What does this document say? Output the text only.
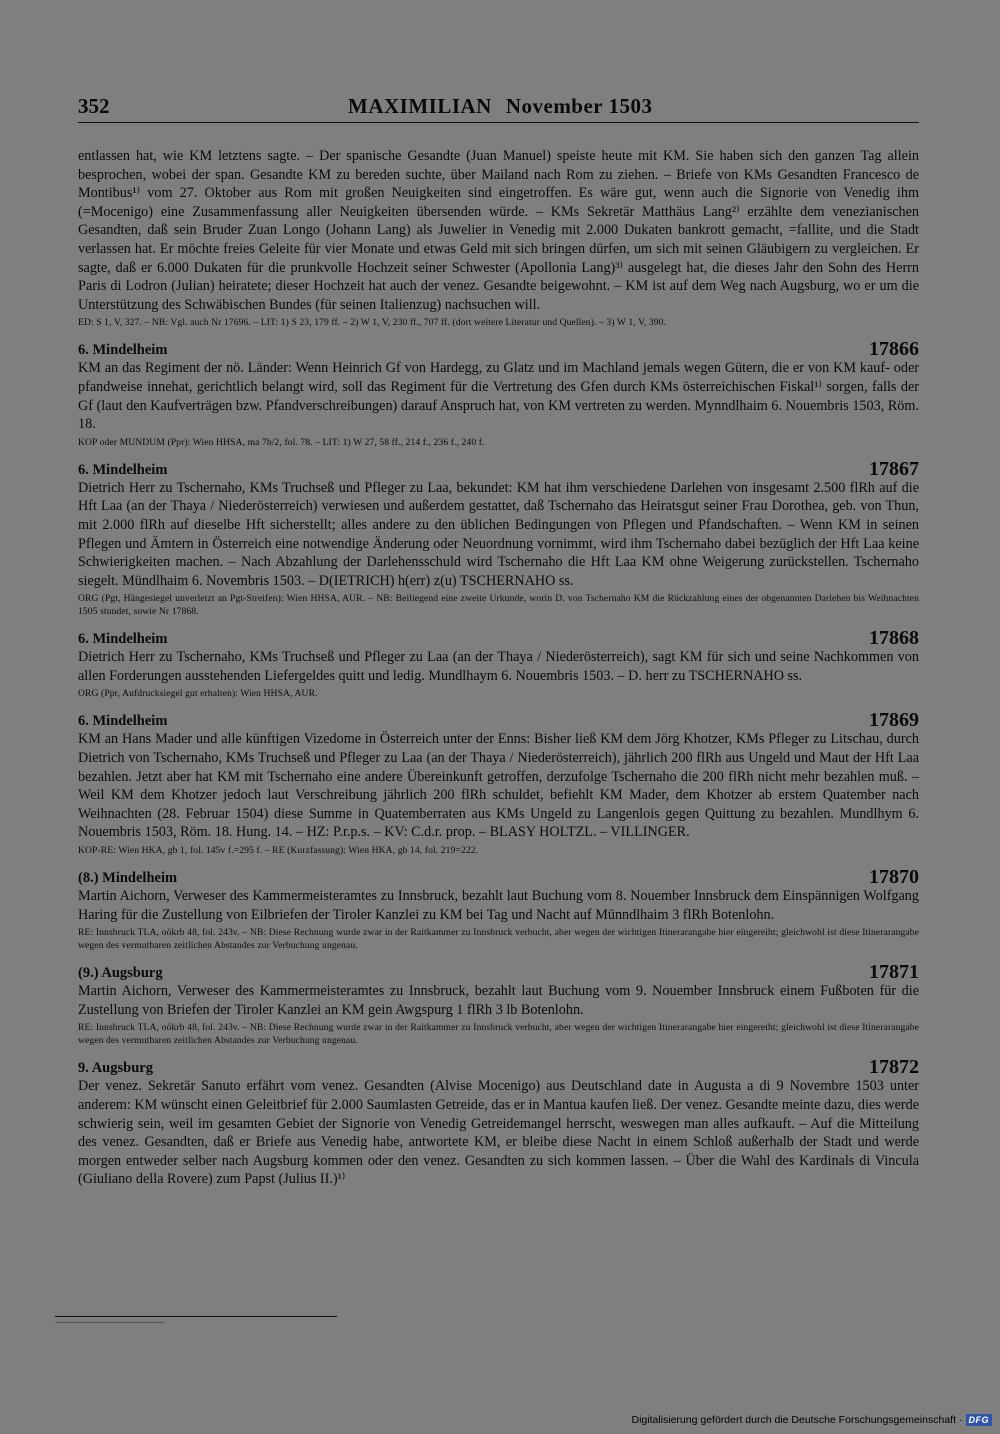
352	MAXIMILIAN November 1503

entlassen hat, wie KM letztens sagte. – Der spanische Gesandte (Juan Manuel) speiste heute mit KM. Sie haben sich den ganzen Tag allein besprochen, wobei der span. Gesandte KM zu bereden suchte, über Mailand nach Rom zu ziehen. – Briefe von KMs Gesandten Francesco de Montibus¹⁾ vom 27. Oktober aus Rom mit großen Neuigkeiten sind eingetroffen. Es wäre gut, wenn auch die Signorie von Venedig ihm (=Mocenigo) eine Zusammenfassung aller Neuigkeiten übersenden würde. – KMs Sekretär Matthäus Lang²⁾ erzählte dem venezianischen Gesandten, daß sein Bruder Zuan Longo (Johann Lang) als Juwelier in Venedig mit 2.000 Dukaten bankrott gemacht, =fallite, und die Stadt verlassen hat. Er möchte freies Geleite für vier Monate und etwas Geld mit sich bringen dürfen, um sich mit seinen Gläubigern zu vergleichen. Er sagte, daß er 6.000 Dukaten für die prunkvolle Hochzeit seiner Schwester (Apollonia Lang)³⁾ ausgelegt hat, die dieses Jahr den Sohn des Herrn Paris di Lodron (Julian) heiratete; dieser Hochzeit hat auch der venez. Gesandte beigewohnt. – KM ist auf dem Weg nach Augsburg, wo er um die Unterstützung des Schwäbischen Bundes (für seinen Italienzug) nachsuchen will.

ED: S 1, V, 327. – NB: Vgl. auch Nr 17696. – LIT: 1) S 23, 179 ff. – 2) W 1, V, 230 ff., 707 ff. (dort weitere Literatur und Quellen). – 3) W 1, V, 390.

6. Mindelheim	17866

KM an das Regiment der nö. Länder: Wenn Heinrich Gf von Hardegg, zu Glatz und im Machland jemals wegen Gütern, die er von KM kauf- oder pfandweise innehat, gerichtlich belangt wird, soll das Regiment für die Vertretung des Gfen durch KMs österreichischen Fiskal¹⁾ sorgen, falls der Gf (laut den Kaufverträgen bzw. Pfandverschreibungen) darauf Anspruch hat, von KM vertreten zu werden. Mynndlhaim 6. Nouembris 1503, Röm. 18.

KOP oder MUNDUM (Ppr): Wien HHSA, ma 7b/2, fol. 78. – LIT: 1) W 27, 58 ff., 214 f., 236 f., 240 f.

6. Mindelheim	17867

Dietrich Herr zu Tschernaho, KMs Truchseß und Pfleger zu Laa, bekundet: KM hat ihm verschiedene Darlehen von insgesamt 2.500 flRh auf die Hft Laa (an der Thaya / Niederösterreich) verwiesen und außerdem gestattet, daß Tschernaho das Heiratsgut seiner Frau Dorothea, geb. von Thun, mit 2.000 flRh auf dieselbe Hft sicherstellt; alles andere zu den üblichen Bedingungen von Pflegen und Pfandschaften. – Wenn KM in seinen Pflegen und Ämtern in Österreich eine notwendige Änderung oder Neuordnung vornimmt, wird ihm Tschernaho dabei bezüglich der Hft Laa keine Schwierigkeiten machen. – Nach Abzahlung der Darlehensschuld wird Tschernaho die Hft Laa KM ohne Weigerung zurückstellen. Tschernaho siegelt. Mündlhaim 6. Novembris 1503. – D(IETRICH) h(err) z(u) TSCHERNAHO ss.

ORG (Pgt, Hängesiegel unverletzt an Pgt-Streifen): Wien HHSA, AUR. – NB: Beiliegend eine zweite Urkunde, worin D. von Tschernaho KM die Rückzahlung eines der obgenannten Darlehen bis Weihnachten 1505 stundet, sowie Nr 17868.

6. Mindelheim	17868

Dietrich Herr zu Tschernaho, KMs Truchseß und Pfleger zu Laa (an der Thaya / Niederösterreich), sagt KM für sich und seine Nachkommen von allen Forderungen ausstehenden Liefergeldes quitt und ledig. Mundlhaym 6. Nouembris 1503. – D. herr zu TSCHERNAHO ss.

ORG (Ppr, Aufdrucksiegel gut erhalten): Wien HHSA, AUR.

6. Mindelheim	17869

KM an Hans Mader und alle künftigen Vizedome in Österreich unter der Enns: Bisher ließ KM dem Jörg Khotzer, KMs Pfleger zu Litschau, durch Dietrich von Tschernaho, KMs Truchseß und Pfleger zu Laa (an der Thaya / Niederösterreich), jährlich 200 flRh aus Ungeld und Maut der Hft Laa bezahlen. Jetzt aber hat KM mit Tschernaho eine andere Übereinkunft getroffen, derzufolge Tschernaho die 200 flRh nicht mehr bezahlen muß. – Weil KM dem Khotzer jedoch laut Verschreibung jährlich 200 flRh schuldet, befiehlt KM Mader, dem Khotzer ab erstem Quatember nach Weihnachten (28. Februar 1504) diese Summe in Quatemberraten aus KMs Ungeld zu Langenlois gegen Quittung zu bezahlen. Mundlhym 6. Nouembris 1503, Röm. 18. Hung. 14. – HZ: P.r.p.s. – KV: C.d.r. prop. – BLASY HOLTZL. – VILLINGER.

KOP-RE: Wien HKA, gb 1, fol. 145v f.=295 f. – RE (Kurzfassung): Wien HKA, gb 14, fol. 219=222.

(8.) Mindelheim	17870

Martin Aichorn, Verweser des Kammermeisteramtes zu Innsbruck, bezahlt laut Buchung vom 8. Nouember Innsbruck dem Einspännigen Wolfgang Haring für die Zustellung von Eilbriefen der Tiroler Kanzlei zu KM bei Tag und Nacht auf Münndlhaim 3 flRh Botenlohn.

RE: Innsbruck TLA, oökrb 48, fol. 243v. – NB: Diese Rechnung wurde zwar in der Raitkammer zu Innsbruck verbucht, aber wegen der wichtigen Itinerarangabe hier eingereiht; gleichwohl ist diese Itinerarangabe wegen des vermutbaren zeitlichen Abstandes zur Verbuchung ungenau.

(9.) Augsburg	17871

Martin Aichorn, Verweser des Kammermeisteramtes zu Innsbruck, bezahlt laut Buchung vom 9. Nouember Innsbruck einem Fußboten für die Zustellung von Briefen der Tiroler Kanzlei an KM gein Awgspurg 1 flRh 3 lb Botenlohn.

RE: Innsbruck TLA, oökrb 48, fol. 243v. – NB: Diese Rechnung wurde zwar in der Raitkammer zu Innsbruck verbucht, aber wegen der wichtigen Itinerarangabe hier eingereiht; gleichwohl ist diese Itinerarangabe wegen des vermutbaren zeitlichen Abstandes zur Verbuchung ungenau.

9. Augsburg	17872

Der venez. Sekretär Sanuto erfährt vom venez. Gesandten (Alvise Mocenigo) aus Deutschland date in Augusta a di 9 Novembre 1503 unter anderem: KM wünscht einen Geleitbrief für 2.000 Saumlasten Getreide, das er in Mantua kaufen ließ. Der venez. Gesandte meinte dazu, dies werde schwierig sein, weil im gesamten Gebiet der Signorie von Venedig Getreidemangel herrscht, weswegen man alles aufkauft. – Auf die Mitteilung des venez. Gesandten, daß er Briefe aus Venedig habe, antwortete KM, er bleibe diese Nacht in einem Schloß außerhalb der Stadt und werde morgen entweder selber nach Augsburg kommen oder den venez. Gesandten zu sich kommen lassen. – Über die Wahl des Kardinals di Vincula (Giuliano della Rovere) zum Papst (Julius II.)¹⁾

Digitalisierung gefördert durch die Deutsche Forschungsgemeinschaft · DFG
